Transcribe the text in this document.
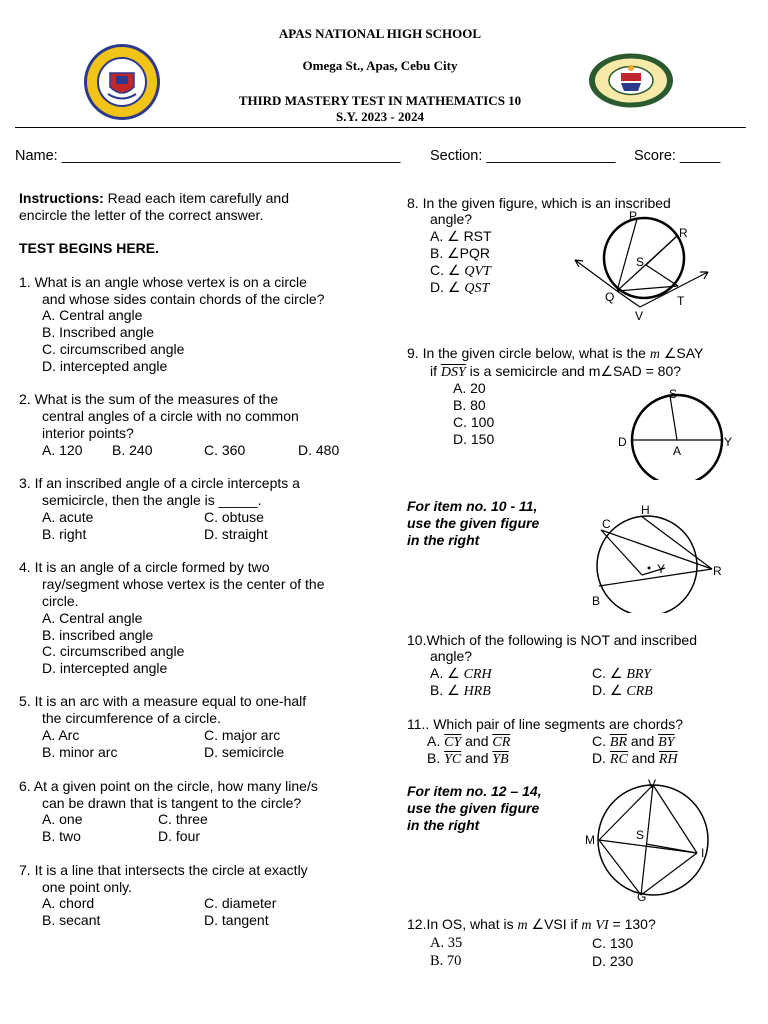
APAS NATIONAL HIGH SCHOOL
Omega St., Apas, Cebu City
THIRD MASTERY TEST IN MATHEMATICS 10
S.Y. 2023 - 2024
Name: __________________________________________ Section: ________________ Score: _____
Instructions: Read each item carefully and
encircle the letter of the correct answer.
TEST BEGINS HERE.
1. What is an angle whose vertex is on a circle
and whose sides contain chords of the circle?
A. Central angle
B. Inscribed angle
C. circumscribed angle
D. intercepted angle
2. What is the sum of the measures of the
central angles of a circle with no common
interior points?
A. 120 B. 240	C. 360	D. 480
3. If an inscribed angle of a circle intercepts a
semicircle, then the angle is _____.
A. acute	C. obtuse
B. right	D. straight
4. It is an angle of a circle formed by two
ray/segment whose vertex is the center of the
circle.
A. Central angle
B. inscribed angle
C. circumscribed angle
D. intercepted angle
5. It is an arc with a measure equal to one-half
the circumference of a circle.
A. Arc	C. major arc
B. minor arc	D. semicircle
6. At a given point on the circle, how many line/s
can be drawn that is tangent to the circle?
A. one	C. three
B. two	D. four
7. It is a line that intersects the circle at exactly
one point only.
A. chord	C. diameter
B. secant	D. tangent
8. In the given figure, which is an inscribed
angle?
A. ∠ RST
B. ∠PQR
C. ∠ QVT
D. ∠ QST
P
R
S
Q	T
V
9. In the given circle below, what is the m ∠SAY
if $\overline{DSY}$ is a semicircle and m∠SAD = 80?
A. 20
B. 80
C. 100
D. 150
S
D
A
Y
For item no. 10 - 11,
use the given figure
in the right
H
C
Y	R
B
10.Which of the following is NOT and inscribed
angle?
A. ∠ CRH	C. ∠ BRY
B. ∠ HRB	D. ∠ CRB
11.. Which pair of line segments are chords?
A. $\overline{CY}$ and $\overline{CR}$	C. $\overline{BR}$ and $\overline{BY}$
B. $\overline{YC}$ and $\overline{YB}$	D. $\overline{RC}$ and $\overline{RH}$
For item no. 12 – 14,
use the given figure
in the right
V
M	S
I
G
12.In OS, what is m ∠VSI if m VI = 130?
A. 35	C. 130
B. 70	D. 230
